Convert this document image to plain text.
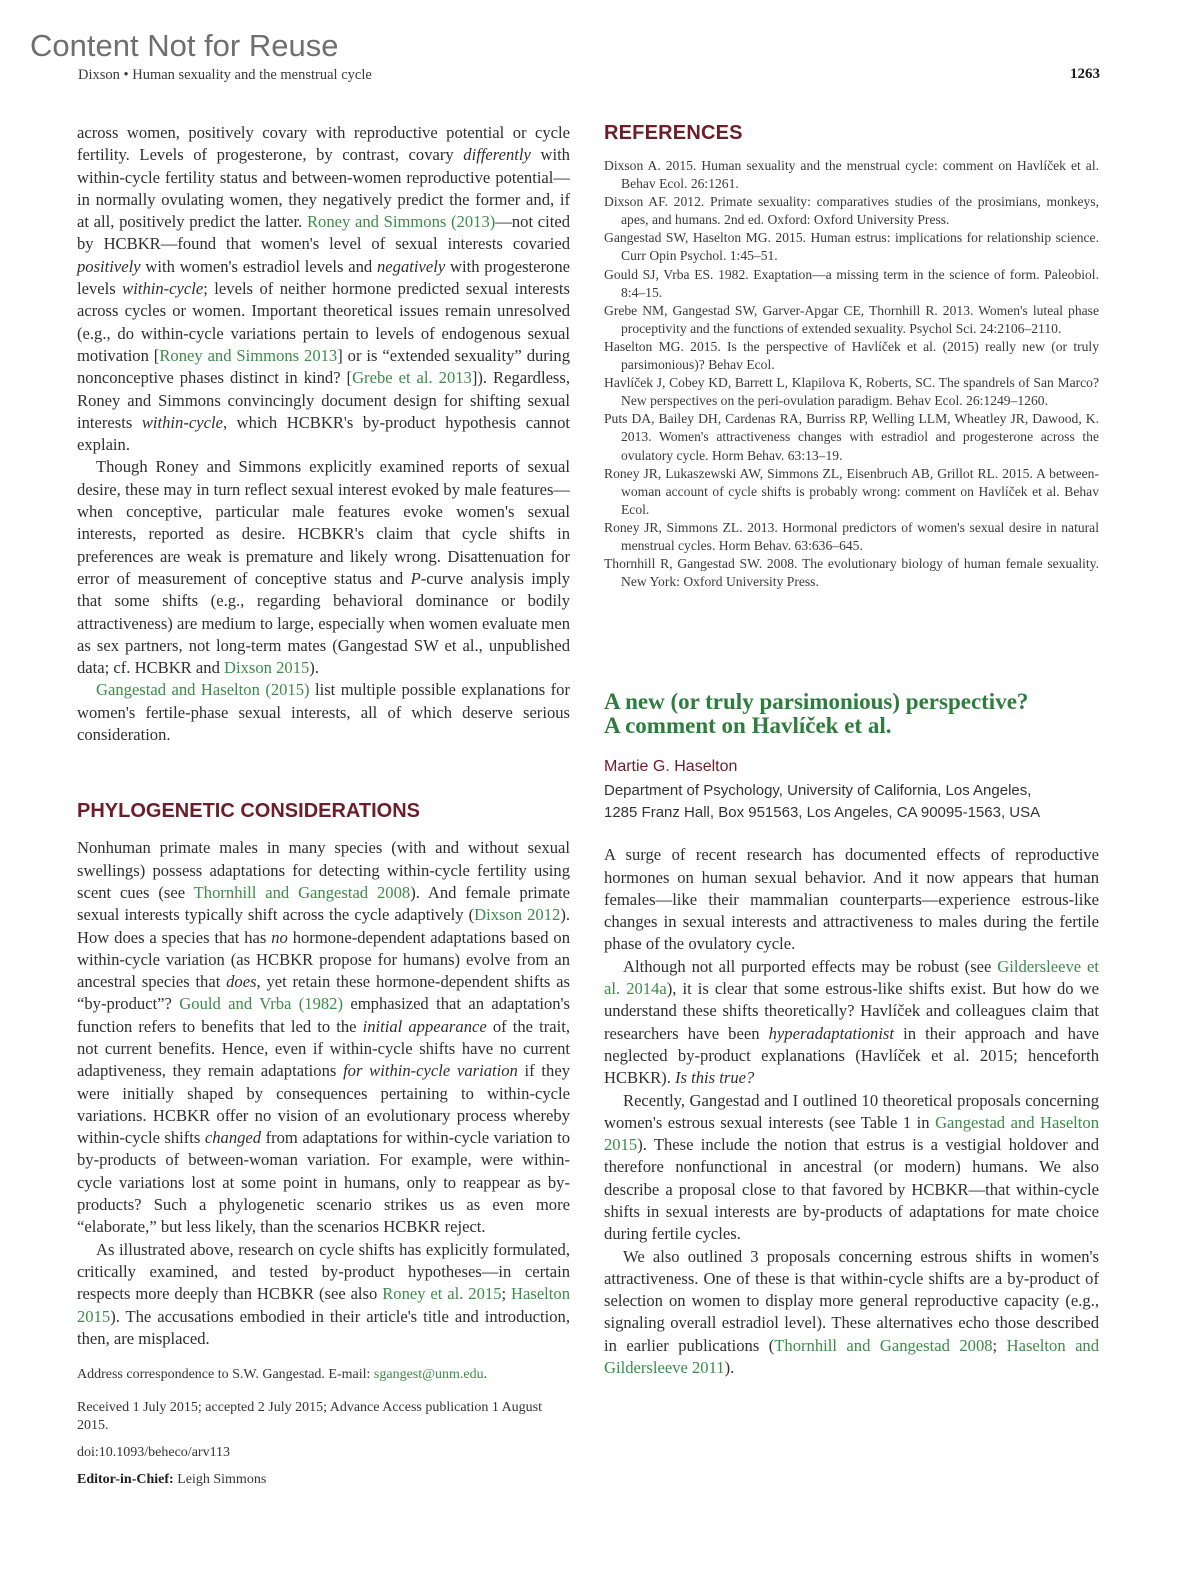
Content Not for Reuse
Dixson • Human sexuality and the menstrual cycle	1263

across women, positively covary with reproductive potential or cycle fertility. Levels of progesterone, by contrast, covary differently with within-cycle fertility status and between-women reproductive potential—in normally ovulating women, they negatively predict the former and, if at all, positively predict the latter. Roney and Simmons (2013)—not cited by HCBKR—found that women's level of sexual interests covaried positively with women's estradiol levels and negatively with progesterone levels within-cycle; levels of neither hormone predicted sexual interests across cycles or women. Important theoretical issues remain unresolved (e.g., do within-cycle variations pertain to levels of endogenous sexual motivation [Roney and Simmons 2013] or is “extended sexuality” during nonconceptive phases distinct in kind? [Grebe et al. 2013]). Regardless, Roney and Simmons convincingly document design for shifting sexual interests within-cycle, which HCBKR's by-product hypothesis cannot explain.

Though Roney and Simmons explicitly examined reports of sexual desire, these may in turn reflect sexual interest evoked by male features—when conceptive, particular male features evoke women's sexual interests, reported as desire. HCBKR's claim that cycle shifts in preferences are weak is premature and likely wrong. Disattenuation for error of measurement of conceptive status and P-curve analysis imply that some shifts (e.g., regarding behavioral dominance or bodily attractiveness) are medium to large, especially when women evaluate men as sex partners, not long-term mates (Gangestad SW et al., unpublished data; cf. HCBKR and Dixson 2015).

Gangestad and Haselton (2015) list multiple possible explanations for women's fertile-phase sexual interests, all of which deserve serious consideration.

PHYLOGENETIC CONSIDERATIONS

Nonhuman primate males in many species (with and without sexual swellings) possess adaptations for detecting within-cycle fertility using scent cues (see Thornhill and Gangestad 2008). And female primate sexual interests typically shift across the cycle adaptively (Dixson 2012). How does a species that has no hormone-dependent adaptations based on within-cycle variation (as HCBKR propose for humans) evolve from an ancestral species that does, yet retain these hormone-dependent shifts as “by-product”? Gould and Vrba (1982) emphasized that an adaptation's function refers to benefits that led to the initial appearance of the trait, not current benefits. Hence, even if within-cycle shifts have no current adaptiveness, they remain adaptations for within-cycle variation if they were initially shaped by consequences pertaining to within-cycle variations. HCBKR offer no vision of an evolutionary process whereby within-cycle shifts changed from adaptations for within-cycle variation to by-products of between-woman variation. For example, were within-cycle variations lost at some point in humans, only to reappear as by-products? Such a phylogenetic scenario strikes us as even more “elaborate,” but less likely, than the scenarios HCBKR reject.

As illustrated above, research on cycle shifts has explicitly formulated, critically examined, and tested by-product hypotheses—in certain respects more deeply than HCBKR (see also Roney et al. 2015; Haselton 2015). The accusations embodied in their article's title and introduction, then, are misplaced.

Address correspondence to S.W. Gangestad. E-mail: sgangest@unm.edu.

Received 1 July 2015; accepted 2 July 2015; Advance Access publication 1 August 2015.

doi:10.1093/beheco/arv113

Editor-in-Chief: Leigh Simmons

REFERENCES
Dixson A. 2015. Human sexuality and the menstrual cycle: comment on Havlíček et al. Behav Ecol. 26:1261.
Dixson AF. 2012. Primate sexuality: comparatives studies of the prosimians, monkeys, apes, and humans. 2nd ed. Oxford: Oxford University Press.
Gangestad SW, Haselton MG. 2015. Human estrus: implications for relationship science. Curr Opin Psychol. 1:45–51.
Gould SJ, Vrba ES. 1982. Exaptation—a missing term in the science of form. Paleobiol. 8:4–15.
Grebe NM, Gangestad SW, Garver-Apgar CE, Thornhill R. 2013. Women's luteal phase proceptivity and the functions of extended sexuality. Psychol Sci. 24:2106–2110.
Haselton MG. 2015. Is the perspective of Havlíček et al. (2015) really new (or truly parsimonious)? Behav Ecol.
Havlíček J, Cobey KD, Barrett L, Klapilova K, Roberts, SC. The spandrels of San Marco? New perspectives on the peri-ovulation paradigm. Behav Ecol. 26:1249–1260.
Puts DA, Bailey DH, Cardenas RA, Burriss RP, Welling LLM, Wheatley JR, Dawood, K. 2013. Women's attractiveness changes with estradiol and progesterone across the ovulatory cycle. Horm Behav. 63:13–19.
Roney JR, Lukaszewski AW, Simmons ZL, Eisenbruch AB, Grillot RL. 2015. A between-woman account of cycle shifts is probably wrong: comment on Havlíček et al. Behav Ecol.
Roney JR, Simmons ZL. 2013. Hormonal predictors of women's sexual desire in natural menstrual cycles. Horm Behav. 63:636–645.
Thornhill R, Gangestad SW. 2008. The evolutionary biology of human female sexuality. New York: Oxford University Press.
A new (or truly parsimonious) perspective?
A comment on Havlíček et al.

Martie G. Haselton

Department of Psychology, University of California, Los Angeles,
1285 Franz Hall, Box 951563, Los Angeles, CA 90095-1563, USA

A surge of recent research has documented effects of reproductive hormones on human sexual behavior. And it now appears that human females—like their mammalian counterparts—experience estrous-like changes in sexual interests and attractiveness to males during the fertile phase of the ovulatory cycle.

Although not all purported effects may be robust (see Gildersleeve et al. 2014a), it is clear that some estrous-like shifts exist. But how do we understand these shifts theoretically? Havlíček and colleagues claim that researchers have been hyperadaptationist in their approach and have neglected by-product explanations (Havlíček et al. 2015; henceforth HCBKR). Is this true?

Recently, Gangestad and I outlined 10 theoretical proposals concerning women's estrous sexual interests (see Table 1 in Gangestad and Haselton 2015). These include the notion that estrus is a vestigial holdover and therefore nonfunctional in ancestral (or modern) humans. We also describe a proposal close to that favored by HCBKR—that within-cycle shifts in sexual interests are by-products of adaptations for mate choice during fertile cycles.

We also outlined 3 proposals concerning estrous shifts in women's attractiveness. One of these is that within-cycle shifts are a by-product of selection on women to display more general reproductive capacity (e.g., signaling overall estradiol level). These alternatives echo those described in earlier publications (Thornhill and Gangestad 2008; Haselton and Gildersleeve 2011).
